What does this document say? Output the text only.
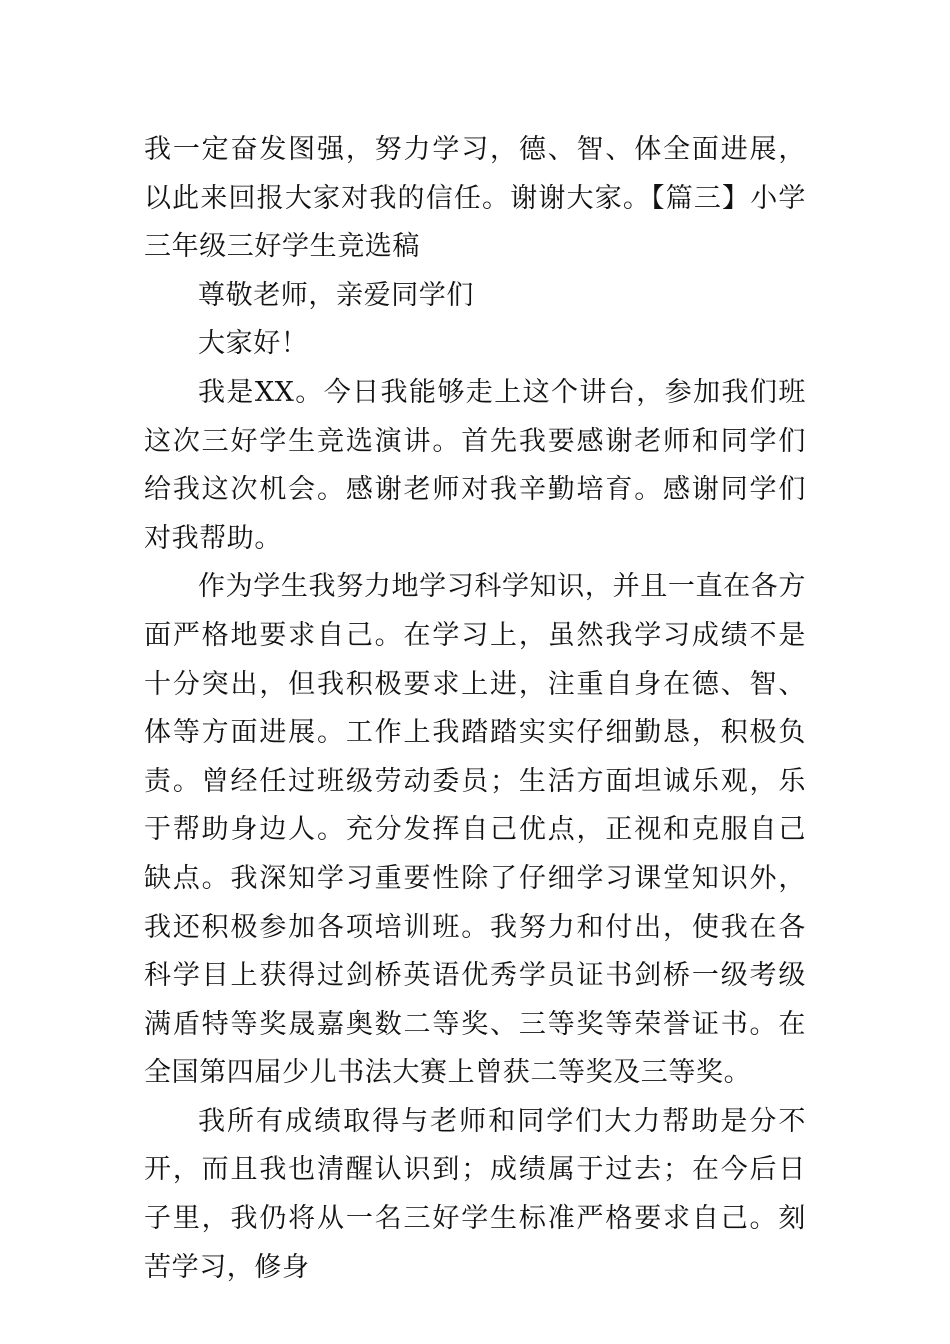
我一定奋发图强，努力学习，德、智、体全面进展，以此来回报大家对我的信任。谢谢大家。【篇三】小学三年级三好学生竞选稿

尊敬老师，亲爱同学们

大家好！

我是XX。今日我能够走上这个讲台，参加我们班这次三好学生竞选演讲。首先我要感谢老师和同学们给我这次机会。感谢老师对我辛勤培育。感谢同学们对我帮助。

作为学生我努力地学习科学知识，并且一直在各方面严格地要求自己。在学习上，虽然我学习成绩不是十分突出，但我积极要求上进，注重自身在德、智、体等方面进展。工作上我踏踏实实仔细勤恳，积极负责。曾经任过班级劳动委员；生活方面坦诚乐观，乐于帮助身边人。充分发挥自己优点，正视和克服自己缺点。我深知学习重要性除了仔细学习课堂知识外，我还积极参加各项培训班。我努力和付出，使我在各科学目上获得过剑桥英语优秀学员证书剑桥一级考级满盾特等奖晟嘉奥数二等奖、三等奖等荣誉证书。在全国第四届少儿书法大赛上曾获二等奖及三等奖。

我所有成绩取得与老师和同学们大力帮助是分不开，而且我也清醒认识到；成绩属于过去；在今后日子里，我仍将从一名三好学生标准严格要求自己。刻苦学习，修身
